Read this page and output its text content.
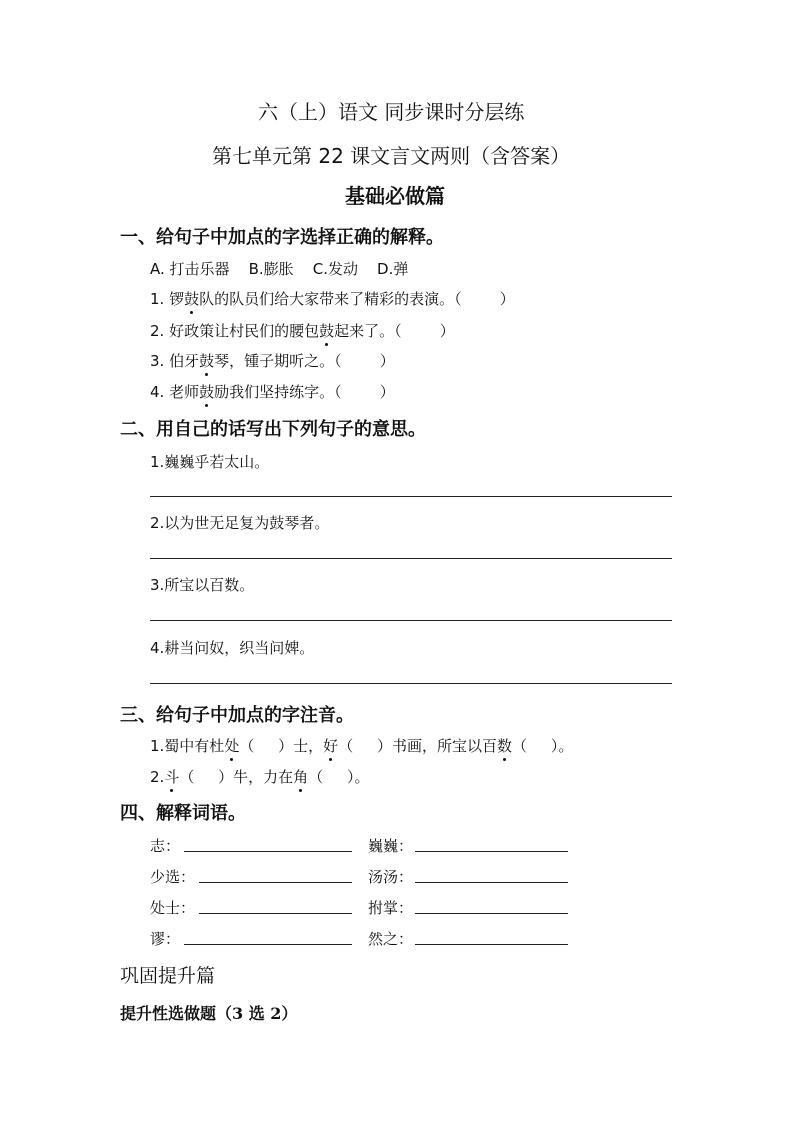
六（上）语文 同步课时分层练
第七单元第 22 课文言文两则（含答案）
基础必做篇
一、给句子中加点的字选择正确的解释。
A. 打击乐器    B.膨胀    C.发动    D.弹
1. 锣鼓队的队员们给大家带来了精彩的表演。（        ）
2. 好政策让村民们的腰包鼓起来了。（        ）
3. 伯牙鼓琴，锺子期听之。（        ）
4. 老师鼓励我们坚持练字。（        ）
二、用自己的话写出下列句子的意思。
1.巍巍乎若太山。
2.以为世无足复为鼓琴者。
3.所宝以百数。
4.耕当问奴，织当问婢。
三、给句子中加点的字注音。
1.蜀中有杜处（     ）士，好（     ）书画，所宝以百数（     ）。
2.斗（     ）牛，力在角（     ）。
四、解释词语。
志：	巍巍：
少选：	汤汤：
处士：	拊掌：
谬：	然之：
巩固提升篇
提升性选做题（3 选 2）
